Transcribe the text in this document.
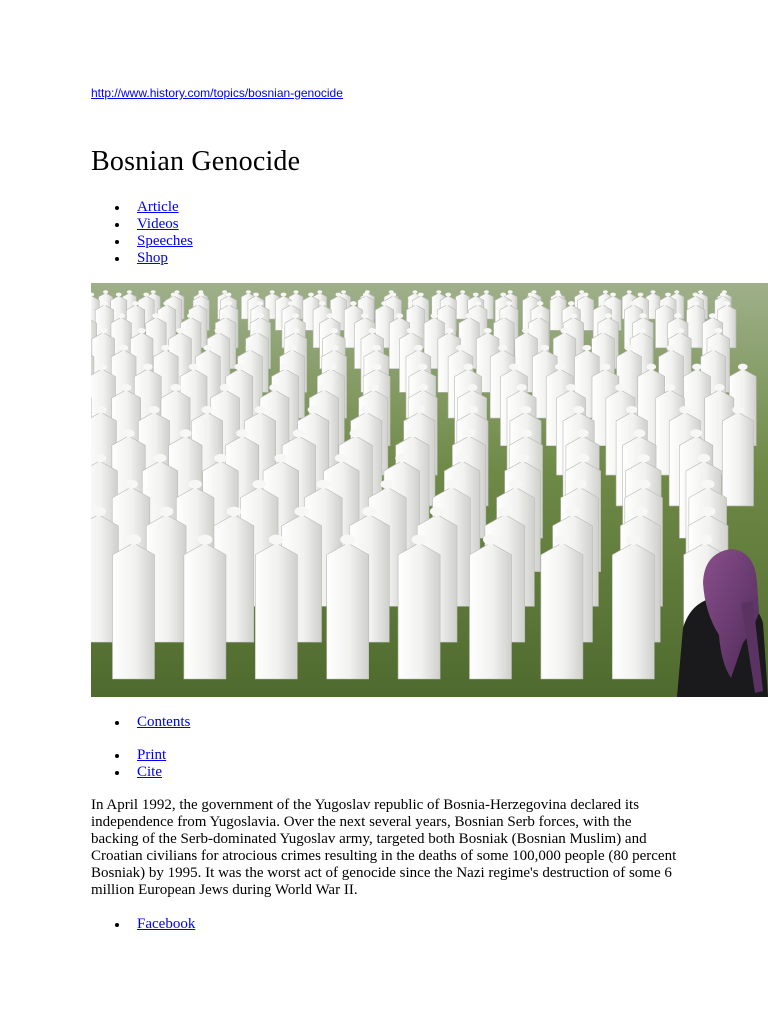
http://www.history.com/topics/bosnian-genocide
Bosnian Genocide
Article
Videos
Speeches
Shop
Contents
Print
Cite

In April 1992, the government of the Yugoslav republic of Bosnia-Herzegovina declared its independence from Yugoslavia. Over the next several years, Bosnian Serb forces, with the backing of the Serb-dominated Yugoslav army, targeted both Bosniak (Bosnian Muslim) and Croatian civilians for atrocious crimes resulting in the deaths of some 100,000 people (80 percent Bosniak) by 1995. It was the worst act of genocide since the Nazi regime's destruction of some 6 million European Jews during World War II.

Facebook
